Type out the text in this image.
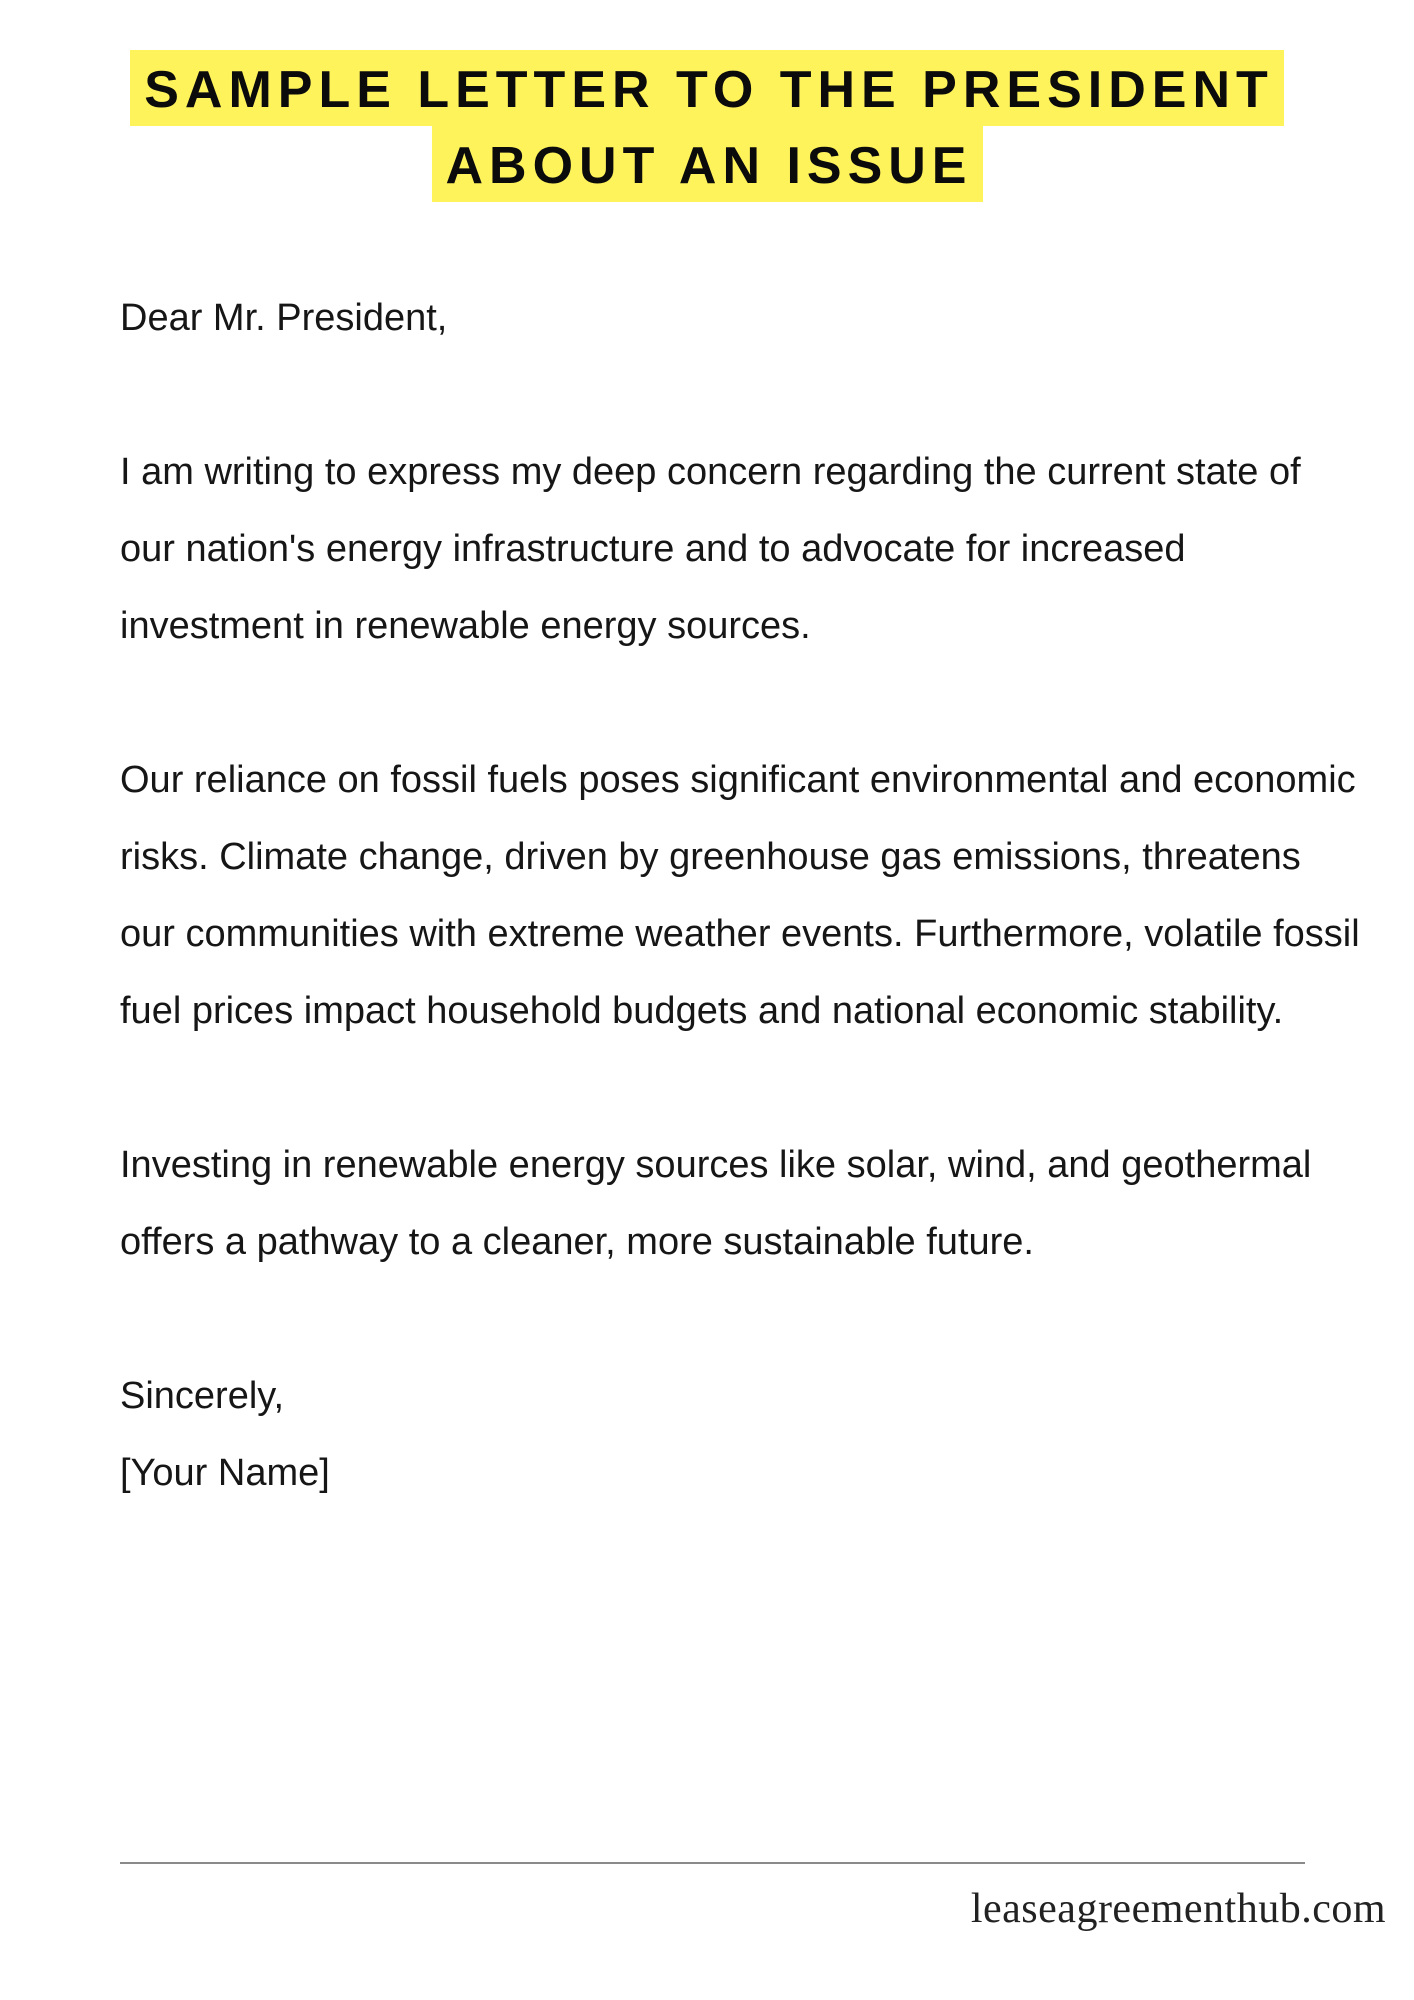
SAMPLE LETTER TO THE PRESIDENT
ABOUT AN ISSUE

Dear Mr. President,

I am writing to express my deep concern regarding the current state of our nation's energy infrastructure and to advocate for increased investment in renewable energy sources.

Our reliance on fossil fuels poses significant environmental and economic risks. Climate change, driven by greenhouse gas emissions, threatens our communities with extreme weather events. Furthermore, volatile fossil fuel prices impact household budgets and national economic stability.

Investing in renewable energy sources like solar, wind, and geothermal offers a pathway to a cleaner, more sustainable future.

Sincerely,

[Your Name]

leaseagreementhub.com
